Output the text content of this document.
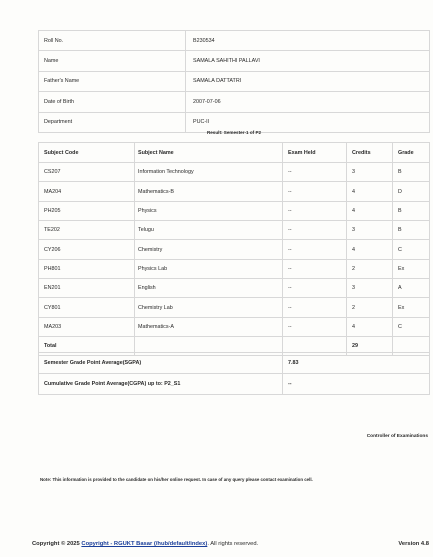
Roll No.	B230534
Name	SAMALA SAHITHI PALLAVI
Father's Name	SAMALA DATTATRI
Date of Birth	2007-07-06
Department	PUC-II
Result: Semester-1 of P2
Subject Code	Subject Name	Exam Held	Credits	Grade
CS207	Information Technology	--	3	B
MA204	Mathematics-B	--	4	D
PH205	Physics	--	4	B
TE202	Telugu	--	3	B
CY206	Chemistry	--	4	C
PH801	Physics Lab	--	2	Ex
EN201	English	--	3	A
CY801	Chemistry Lab	--	2	Ex
MA203	Mathematics-A	--	4	C
Total			29	
Semester Grade Point Average(SGPA)	7.83
Cumulative Grade Point Average(CGPA) up to: P2_S1	--
Controller of Examinations
Note: This information is provided to the candidate on his/her online request. In case of any query please contact examination cell.
Copyright © 2025 Copyright - RGUKT Basar (/hub/default/index). All rights reserved.	Version 4.8
